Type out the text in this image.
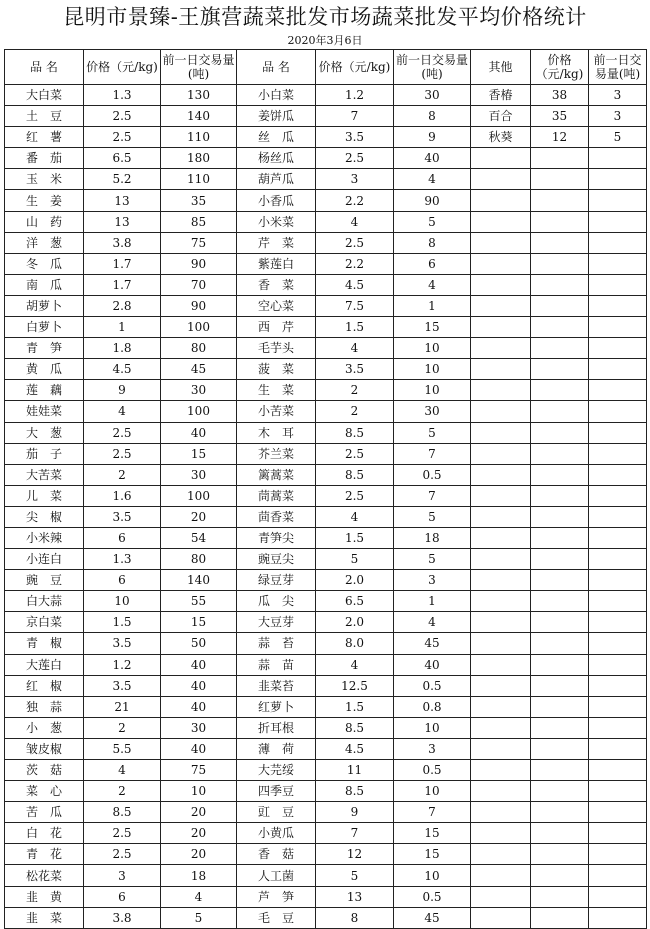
昆明市景臻-王旗营蔬菜批发市场蔬菜批发平均价格统计
2020年3月6日
品 名	价格（元/kg)	前一日交易量(吨)	品 名	价格（元/kg)	前一日交易量(吨)	其他	价格（元/kg)	前一日交易量(吨)
大白菜	1.3	130	小白菜	1.2	30	香椿	38	3
土　豆	2.5	140	姜饼瓜	7	8	百合	35	3
红　薯	2.5	110	丝　瓜	3.5	9	秋葵	12	5
番　茄	6.5	180	杨丝瓜	2.5	40			
玉　米	5.2	110	葫芦瓜	3	4			
生　姜	13	35	小香瓜	2.2	90			
山　药	13	85	小米菜	4	5			
洋　葱	3.8	75	芹　菜	2.5	8			
冬　瓜	1.7	90	紫莲白	2.2	6			
南　瓜	1.7	70	香　菜	4.5	4			
胡萝卜	2.8	90	空心菜	7.5	1			
白萝卜	1	100	西　芹	1.5	15			
青　笋	1.8	80	毛芋头	4	10			
黄　瓜	4.5	45	菠　菜	3.5	10			
莲　藕	9	30	生　菜	2	10			
娃娃菜	4	100	小苦菜	2	30			
大　葱	2.5	40	木　耳	8.5	5			
茄　子	2.5	15	芥兰菜	2.5	7			
大苦菜	2	30	篱蒿菜	8.5	0.5			
儿　菜	1.6	100	茼蒿菜	2.5	7			
尖　椒	3.5	20	茴香菜	4	5			
小米辣	6	54	青笋尖	1.5	18			
小连白	1.3	80	豌豆尖	5	5			
豌　豆	6	140	绿豆芽	2.0	3			
白大蒜	10	55	瓜　尖	6.5	1			
京白菜	1.5	15	大豆芽	2.0	4			
青　椒	3.5	50	蒜　苔	8.0	45			
大莲白	1.2	40	蒜　苗	4	40			
红　椒	3.5	40	韭菜苔	12.5	0.5			
独　蒜	21	40	红萝卜	1.5	0.8			
小　葱	2	30	折耳根	8.5	10			
皱皮椒	5.5	40	薄　荷	4.5	3			
茨　菇	4	75	大芫绥	11	0.5			
菜　心	2	10	四季豆	8.5	10			
苦　瓜	8.5	20	豇　豆	9	7			
白　花	2.5	20	小黄瓜	7	15			
青　花	2.5	20	香　菇	12	15			
松花菜	3	18	人工菌	5	10			
韭　黄	6	4	芦　笋	13	0.5			
韭　菜	3.8	5	毛　豆	8	45			
